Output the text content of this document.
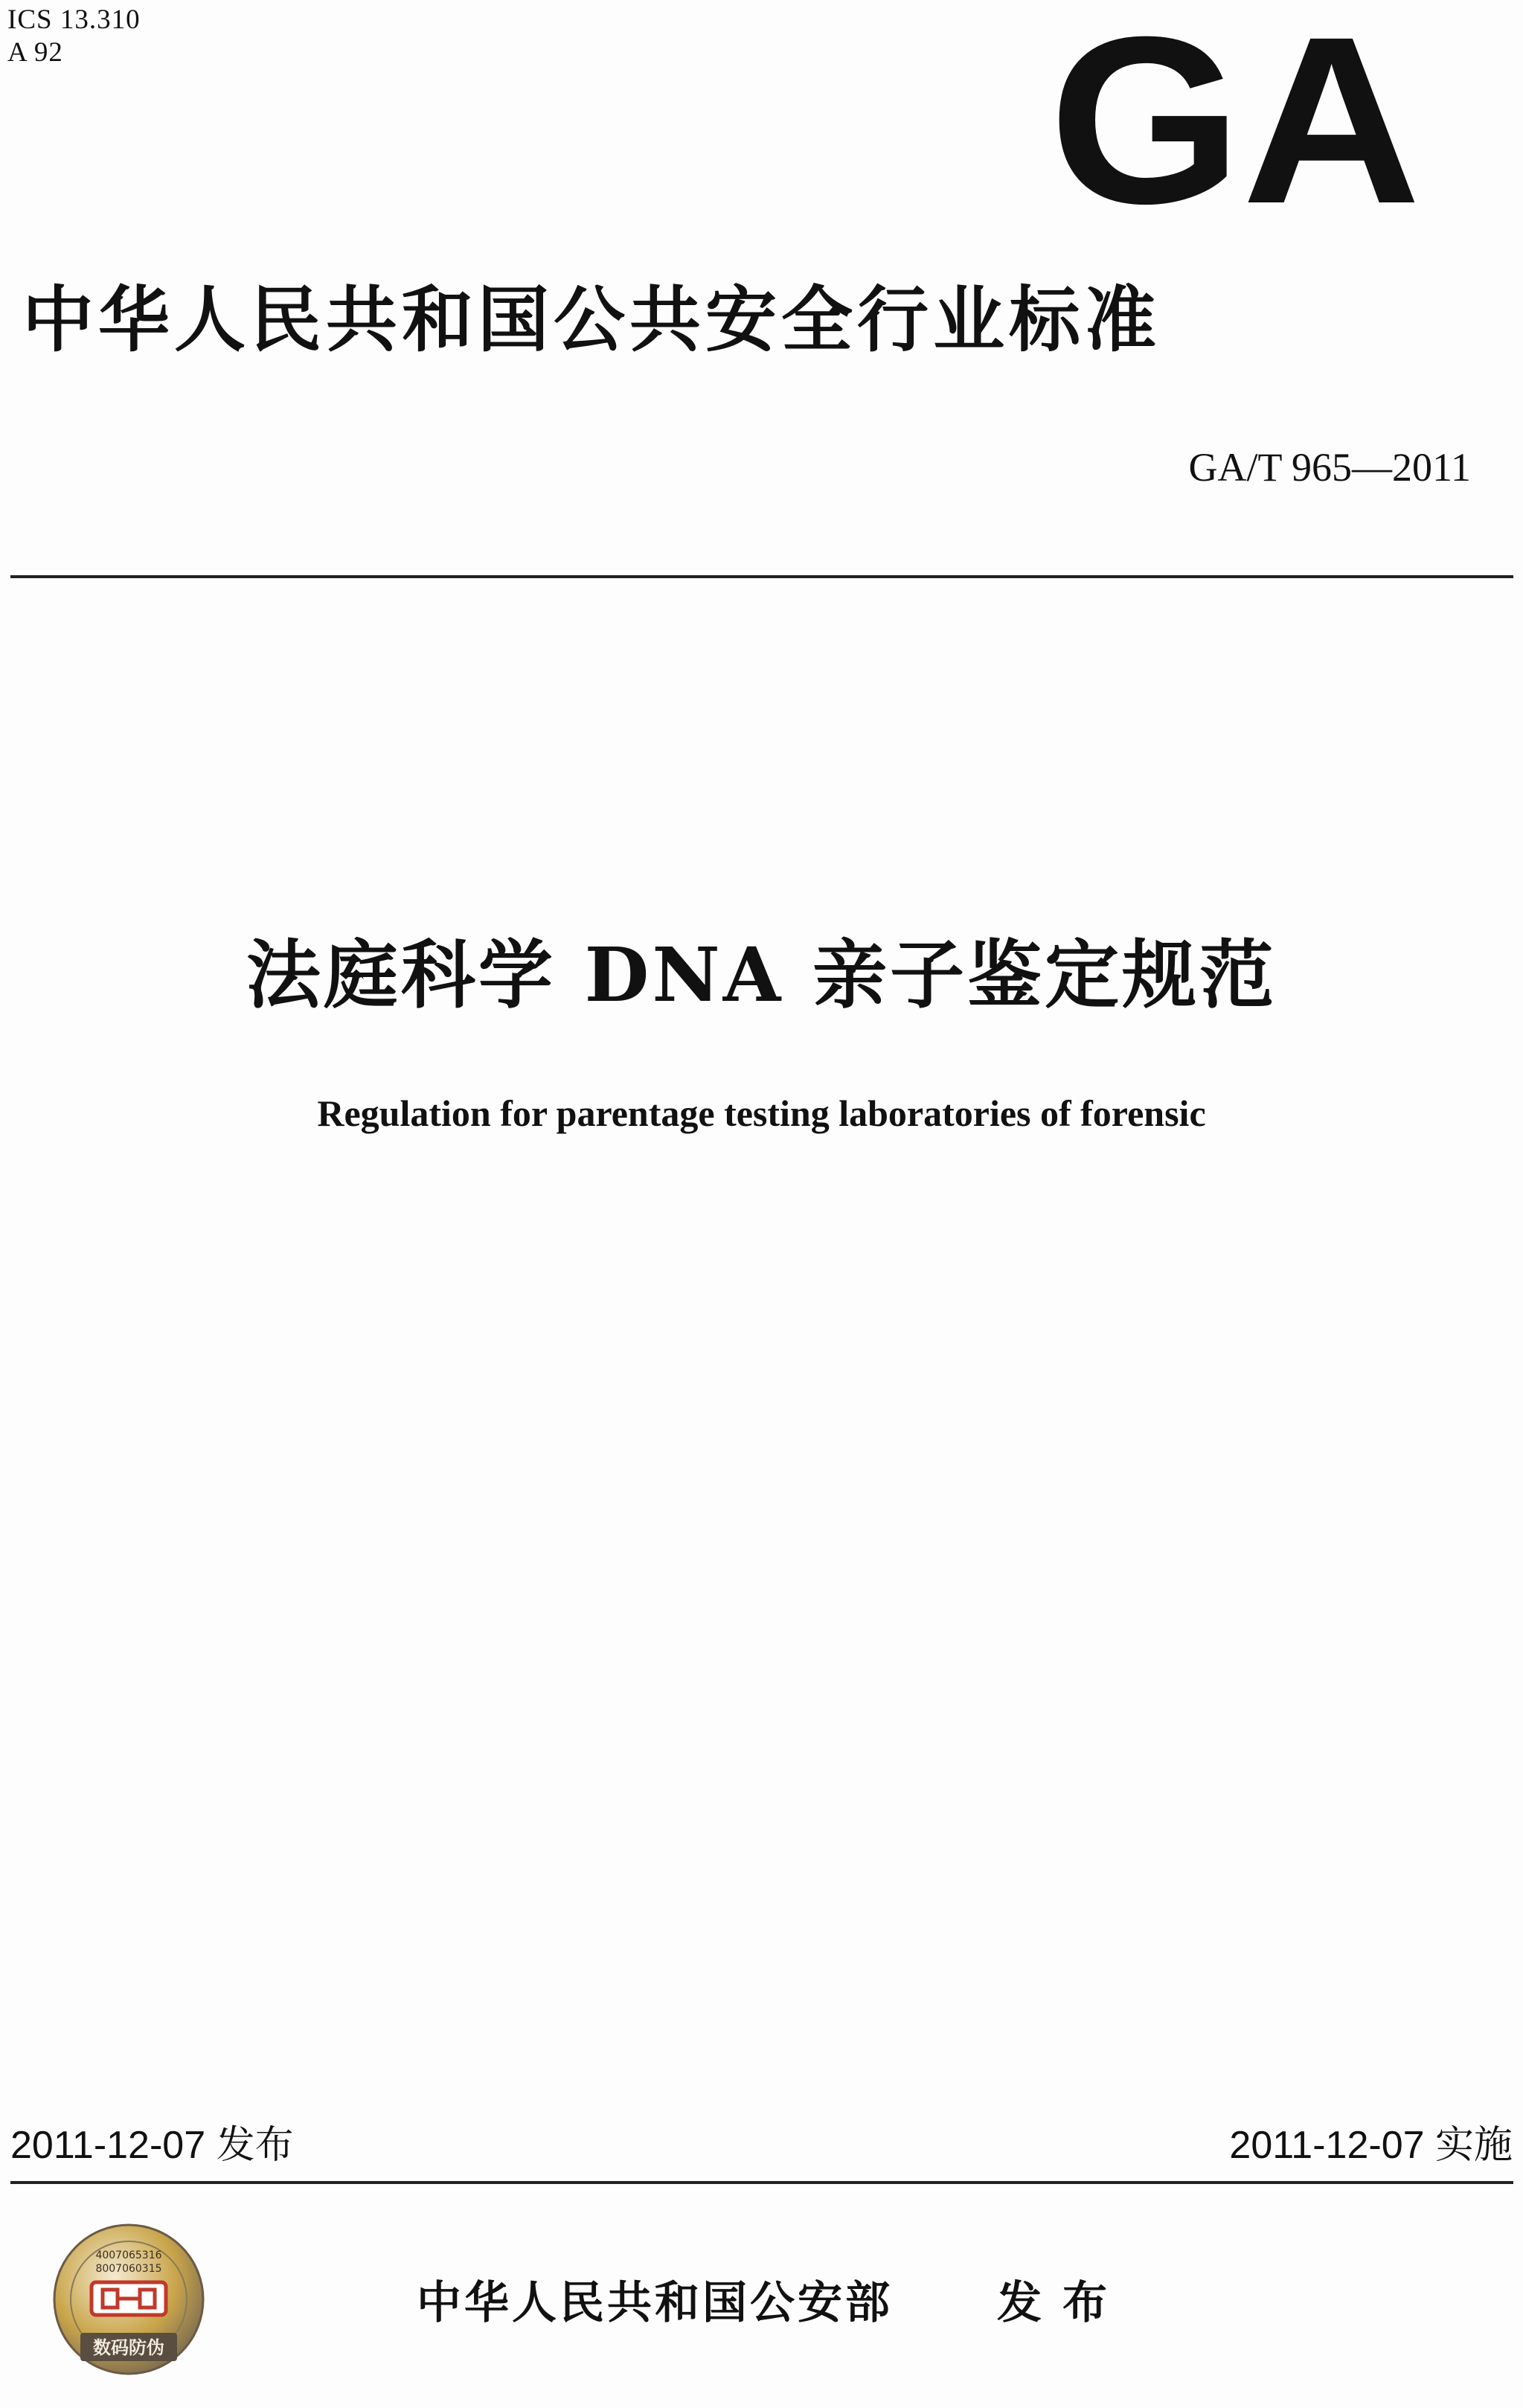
ICS 13.310
A 92	GA
中华人民共和国公共安全行业标准
GA/T 965—2011
法庭科学 DNA 亲子鉴定规范
Regulation for parentage testing laboratories of forensic
2011-12-07 发布	2011-12-07 实施
4007065316
8007060315
数码防伪
中华人民共和国公安部 发布
